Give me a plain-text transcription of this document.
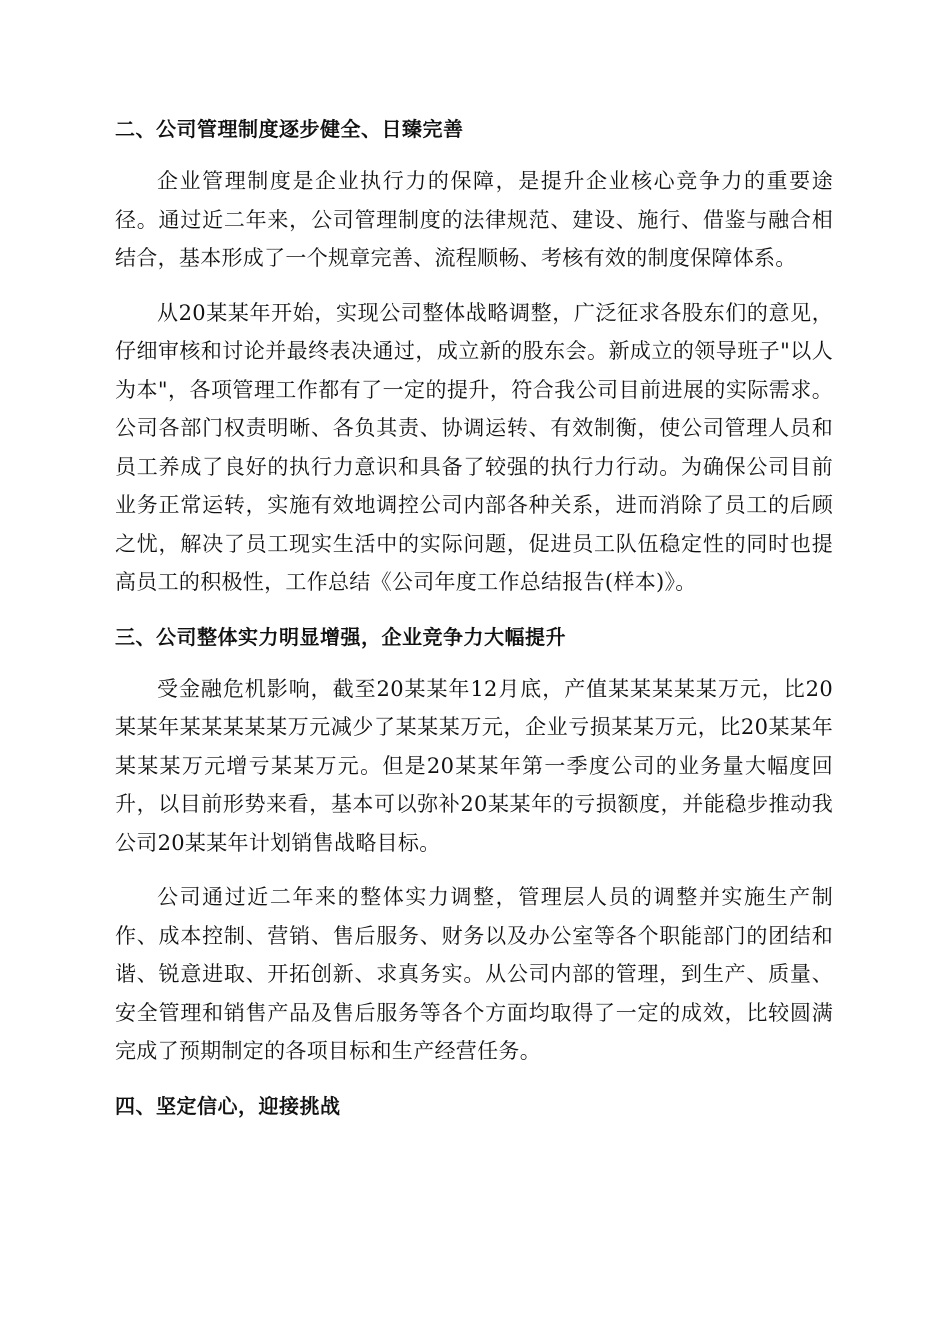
二、公司管理制度逐步健全、日臻完善

企业管理制度是企业执行力的保障，是提升企业核心竞争力的重要途径。通过近二年来，公司管理制度的法律规范、建设、施行、借鉴与融合相结合，基本形成了一个规章完善、流程顺畅、考核有效的制度保障体系。

从20某某年开始，实现公司整体战略调整，广泛征求各股东们的意见，仔细审核和讨论并最终表决通过，成立新的股东会。新成立的领导班子"以人为本"，各项管理工作都有了一定的提升，符合我公司目前进展的实际需求。公司各部门权责明晰、各负其责、协调运转、有效制衡，使公司管理人员和员工养成了良好的执行力意识和具备了较强的执行力行动。为确保公司目前业务正常运转，实施有效地调控公司内部各种关系，进而消除了员工的后顾之忧，解决了员工现实生活中的实际问题，促进员工队伍稳定性的同时也提高员工的积极性，工作总结《公司年度工作总结报告(样本)》。

三、公司整体实力明显增强，企业竞争力大幅提升

受金融危机影响，截至20某某年12月底，产值某某某某某万元，比20某某年某某某某某万元减少了某某某万元，企业亏损某某万元，比20某某年某某某万元增亏某某万元。但是20某某年第一季度公司的业务量大幅度回升，以目前形势来看，基本可以弥补20某某年的亏损额度，并能稳步推动我公司20某某年计划销售战略目标。

公司通过近二年来的整体实力调整，管理层人员的调整并实施生产制作、成本控制、营销、售后服务、财务以及办公室等各个职能部门的团结和谐、锐意进取、开拓创新、求真务实。从公司内部的管理，到生产、质量、安全管理和销售产品及售后服务等各个方面均取得了一定的成效，比较圆满完成了预期制定的各项目标和生产经营任务。

四、坚定信心，迎接挑战
